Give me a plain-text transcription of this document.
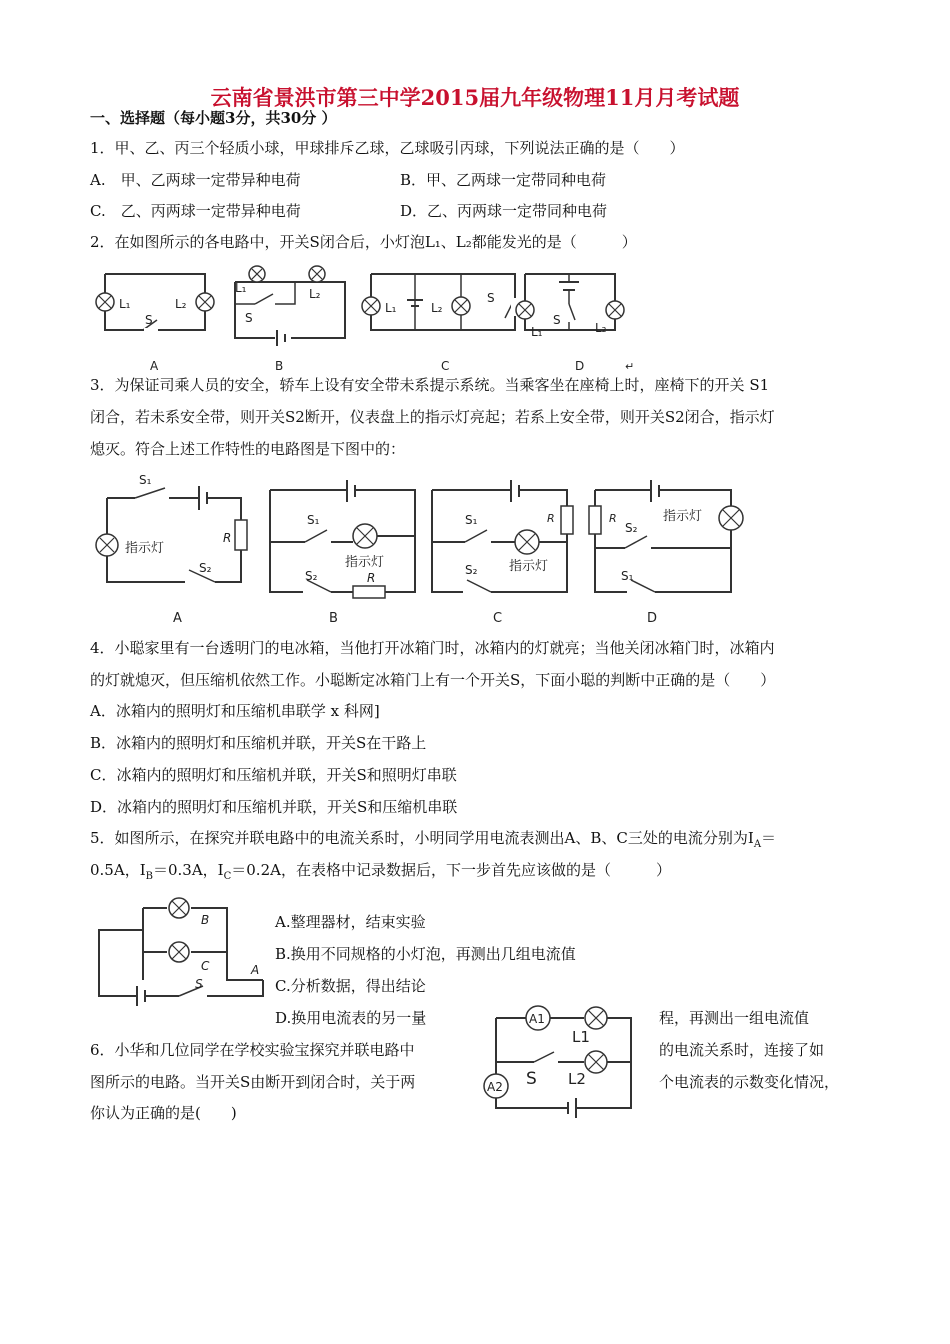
云南省景洪市第三中学2015届九年级物理11月月考试题
一、选择题（每小题3分，共30分 ）
1．甲、乙、丙三个轻质小球，甲球排斥乙球，乙球吸引丙球，下列说法正确的是（　　）
A.　甲、乙两球一定带异种电荷	B．甲、乙两球一定带同种电荷
C.　乙、丙两球一定带异种电荷	D．乙、丙两球一定带同种电荷
2．在如图所示的各电路中，开关S闭合后，小灯泡L₁、L₂都能发光的是（　　　）
L₁	L₂
S
A
L₁	L₂
S
B
L₁	L₂
S
C
L₁	L₂
S
D	↵
3．为保证司乘人员的安全，轿车上设有安全带未系提示系统。当乘客坐在座椅上时，座椅下的开关 S1
闭合，若未系安全带，则开关S2断开，仪表盘上的指示灯亮起；若系上安全带，则开关S2闭合，指示灯
熄灭。符合上述工作特性的电路图是下图中的：
S₁
指示灯
R
S₂
A
S₁
指示灯
S₂	R
B
S₁	R
指示灯
S₂
C
R
S₂
指示灯
S₁
D
4．小聪家里有一台透明门的电冰箱，当他打开冰箱门时，冰箱内的灯就亮；当他关闭冰箱门时，冰箱内
的灯就熄灭，但压缩机依然工作。小聪断定冰箱门上有一个开关S，下面小聪的判断中正确的是（　　）
A．冰箱内的照明灯和压缩机串联学 x 科网]
B．冰箱内的照明灯和压缩机并联，开关S在干路上
C．冰箱内的照明灯和压缩机并联，开关S和照明灯串联
D．冰箱内的照明灯和压缩机并联，开关S和压缩机串联
5．如图所示，在探究并联电路中的电流关系时，小明同学用电流表测出A、B、C三处的电流分别为$I_A=$
0.5A，$I_B=0.3A$，$I_C=0.2A$，在表格中记录数据后，下一步首先应该做的是（　　　）
B
C	A
S
A.整理器材，结束实验
B.换用不同规格的小灯泡，再测出几组电流值
C.分析数据，得出结论
D.换用电流表的另一量	程，再测出一组电流值
A1
A2
L1
S L2
6．小华和几位同学在学校实验宝探究并联电路中	的电流关系时，连接了如
图所示的电路。当开关S由断开到闭合时，关于两	个电流表的示数变化情况，
你认为正确的是(　　)
